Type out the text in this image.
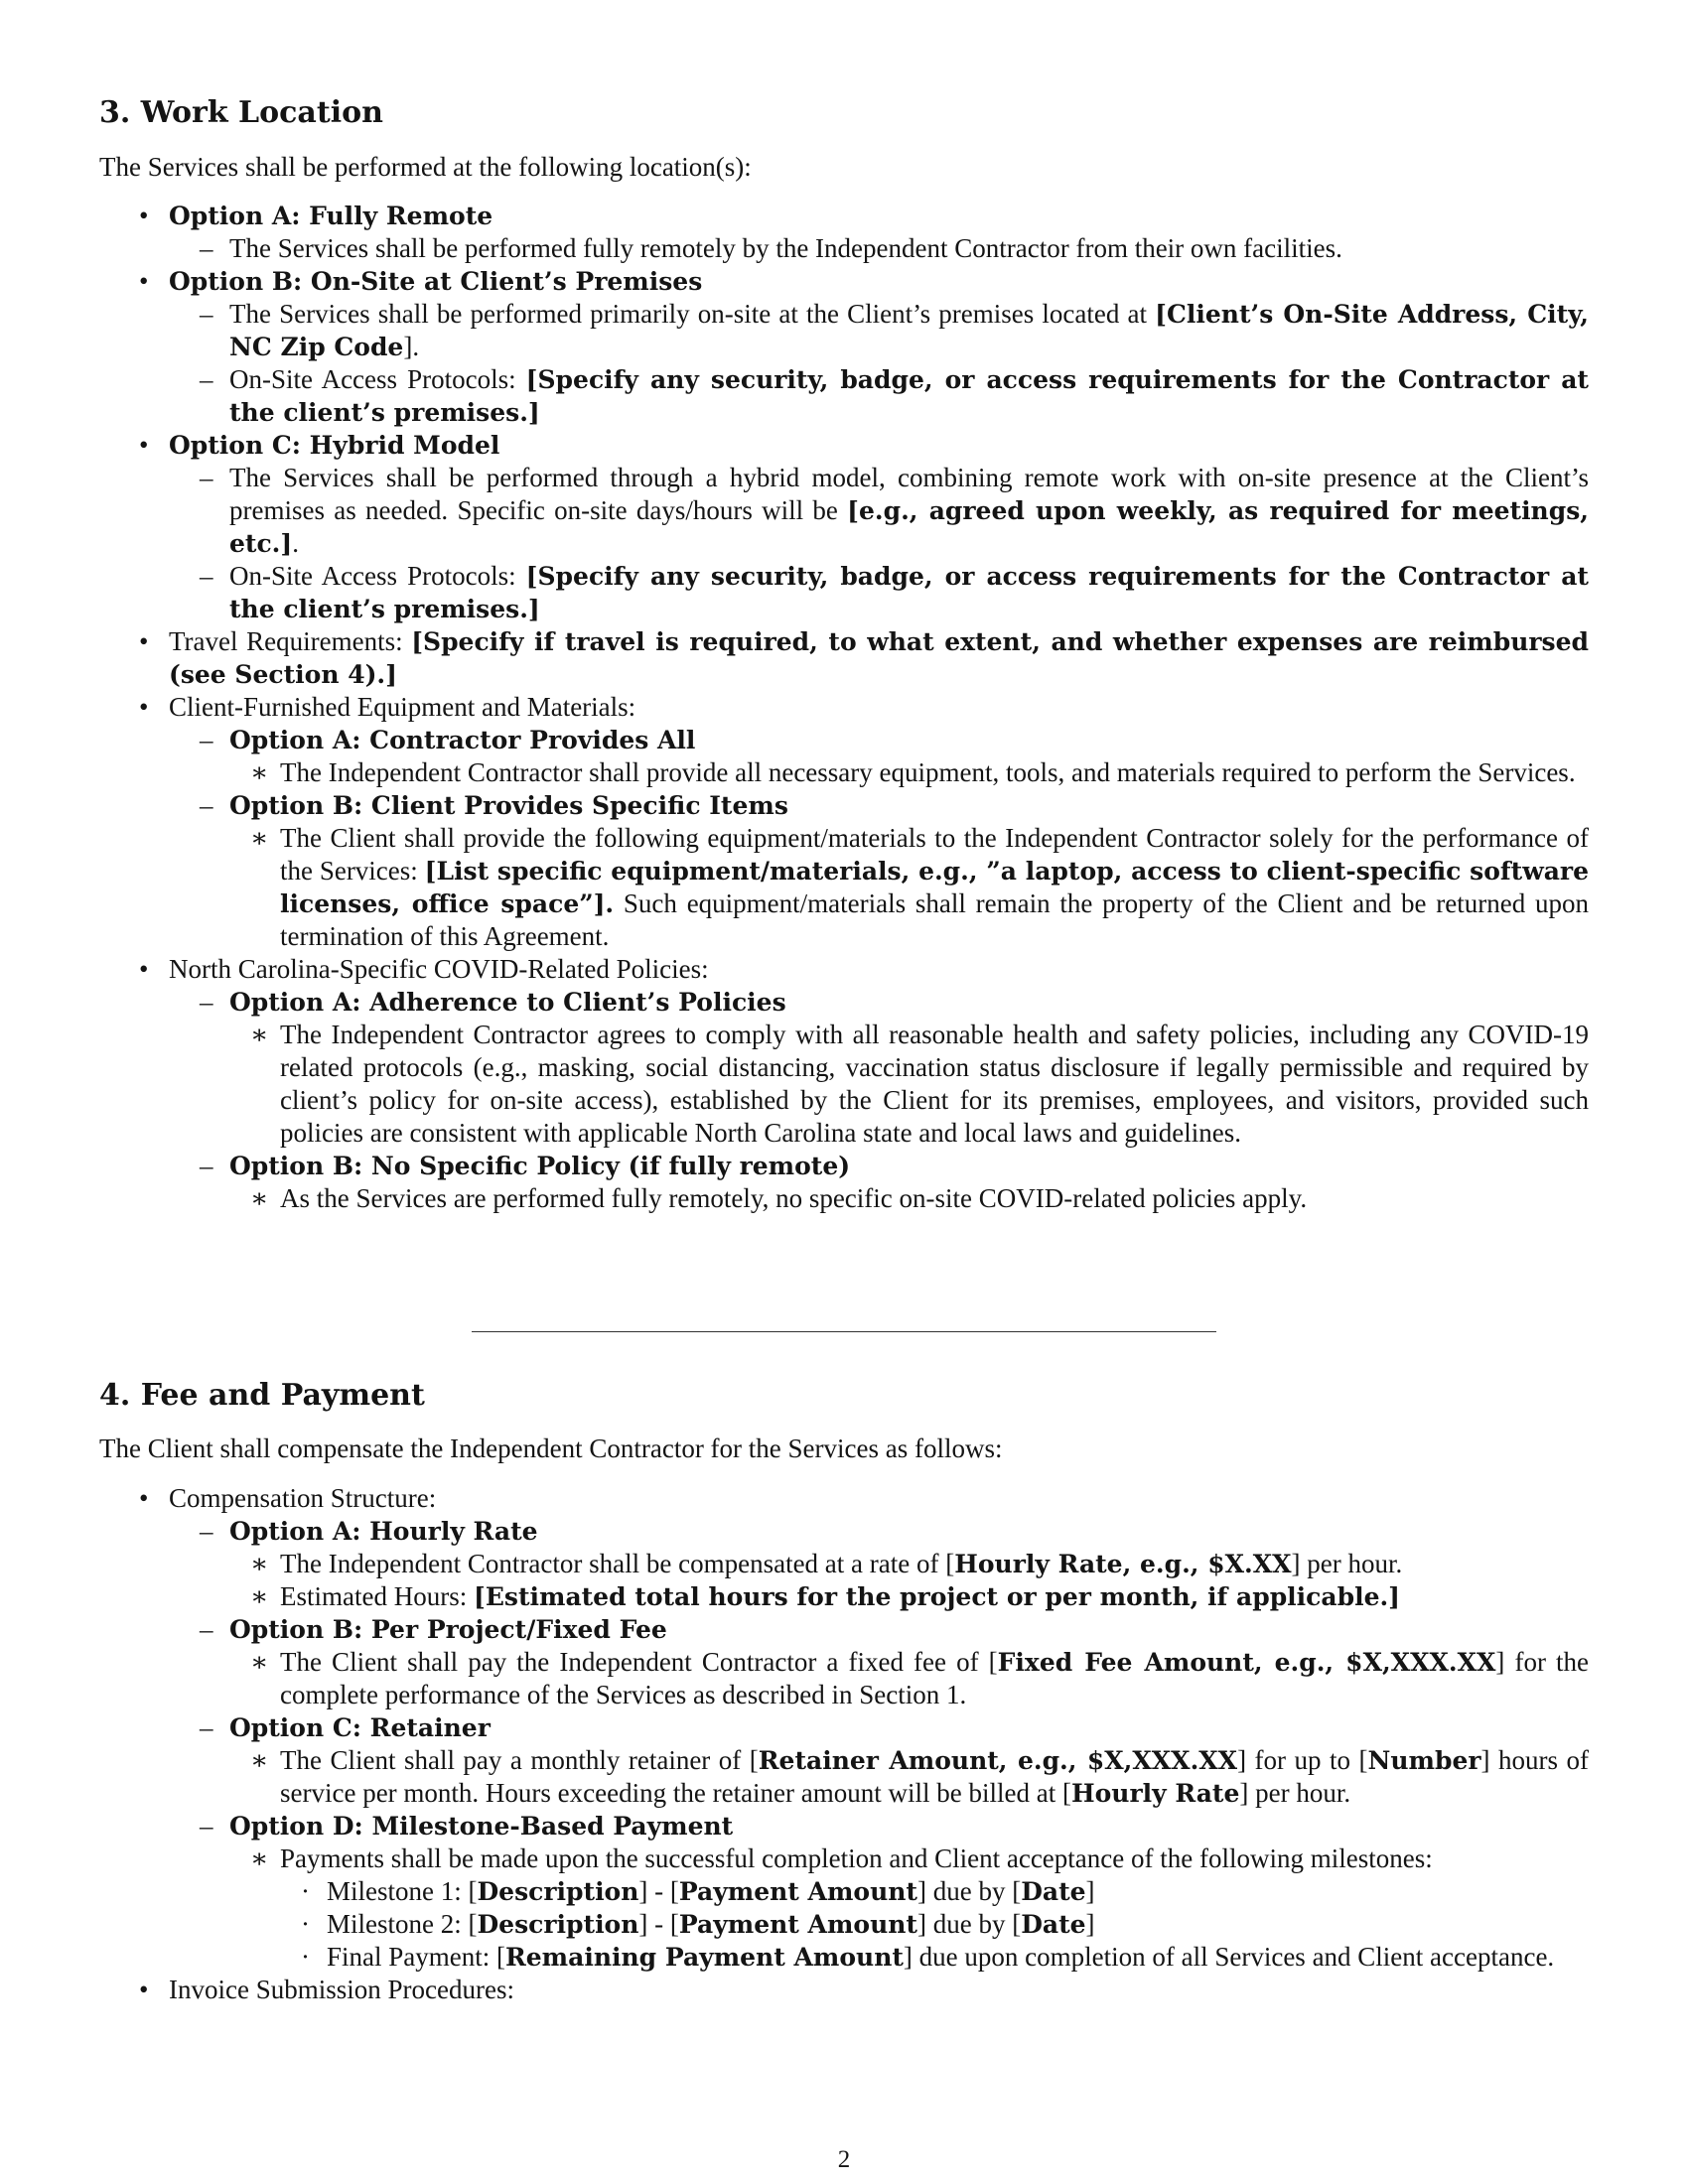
3. Work Location

The Services shall be performed at the following location(s):

• Option A: Fully Remote
– The Services shall be performed fully remotely by the Independent Contractor from their own facilities.
• Option B: On-Site at Client’s Premises
– The Services shall be performed primarily on-site at the Client’s premises located at [Client’s On-Site Address, City, NC Zip Code].
– On-Site Access Protocols: [Specify any security, badge, or access requirements for the Contractor at the client’s premises.]
• Option C: Hybrid Model
– The Services shall be performed through a hybrid model, combining remote work with on-site presence at the Client’s premises as needed. Specific on-site days/hours will be [e.g., agreed upon weekly, as required for meetings, etc.].
– On-Site Access Protocols: [Specify any security, badge, or access requirements for the Contractor at the client’s premises.]
• Travel Requirements: [Specify if travel is required, to what extent, and whether expenses are reimbursed (see Section 4).]
• Client-Furnished Equipment and Materials:
– Option A: Contractor Provides All
∗ The Independent Contractor shall provide all necessary equipment, tools, and materials required to perform the Services.
– Option B: Client Provides Specific Items
∗ The Client shall provide the following equipment/materials to the Independent Contractor solely for the performance of the Services: [List specific equipment/materials, e.g., ”a laptop, access to client-specific software licenses, office space”]. Such equipment/materials shall remain the property of the Client and be returned upon termination of this Agreement.
• North Carolina-Specific COVID-Related Policies:
– Option A: Adherence to Client’s Policies
∗ The Independent Contractor agrees to comply with all reasonable health and safety policies, including any COVID-19 related protocols (e.g., masking, social distancing, vaccination status disclosure if legally permissible and required by client’s policy for on-site access), established by the Client for its premises, employees, and visitors, provided such policies are consistent with applicable North Carolina state and local laws and guidelines.
– Option B: No Specific Policy (if fully remote)
∗ As the Services are performed fully remotely, no specific on-site COVID-related policies apply.
4. Fee and Payment

The Client shall compensate the Independent Contractor for the Services as follows:

• Compensation Structure:
– Option A: Hourly Rate
∗ The Independent Contractor shall be compensated at a rate of [Hourly Rate, e.g., $X.XX] per hour.
∗ Estimated Hours: [Estimated total hours for the project or per month, if applicable.]
– Option B: Per Project/Fixed Fee
∗ The Client shall pay the Independent Contractor a fixed fee of [Fixed Fee Amount, e.g., $X,XXX.XX] for the complete performance of the Services as described in Section 1.
– Option C: Retainer
∗ The Client shall pay a monthly retainer of [Retainer Amount, e.g., $X,XXX.XX] for up to [Number] hours of service per month. Hours exceeding the retainer amount will be billed at [Hourly Rate] per hour.
– Option D: Milestone-Based Payment
∗ Payments shall be made upon the successful completion and Client acceptance of the following milestones:
· Milestone 1: [Description] - [Payment Amount] due by [Date]
· Milestone 2: [Description] - [Payment Amount] due by [Date]
· Final Payment: [Remaining Payment Amount] due upon completion of all Services and Client acceptance.
• Invoice Submission Procedures:
2
